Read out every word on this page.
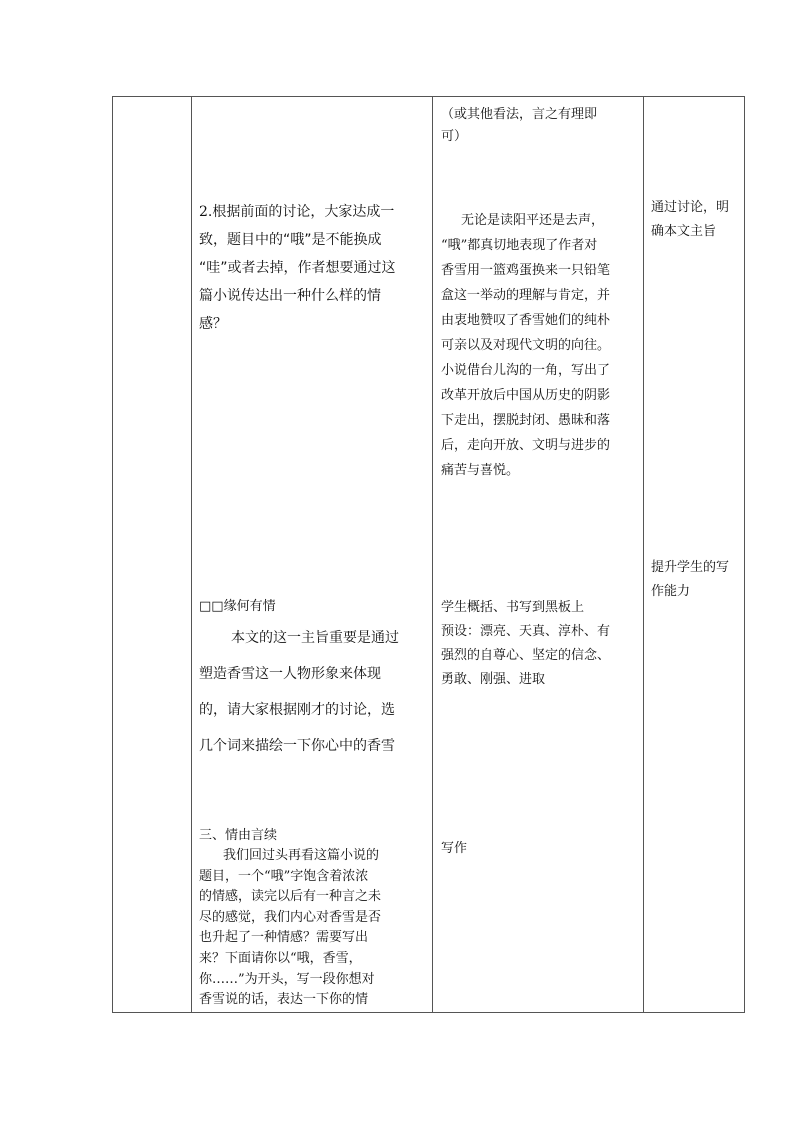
（或其他看法，言之有理即
可）
2.根据前面的讨论，大家达成一
致，题目中的“哦”是不能换成
“哇”或者去掉，作者想要通过这
篇小说传达出一种什么样的情
感？
无论是读阳平还是去声，
“哦”都真切地表现了作者对
香雪用一篮鸡蛋换来一只铅笔
盒这一举动的理解与肯定，并
由衷地赞叹了香雪她们的纯朴
可亲以及对现代文明的向往。
小说借台儿沟的一角，写出了
改革开放后中国从历史的阴影
下走出，摆脱封闭、愚昧和落
后，走向开放、文明与进步的
痛苦与喜悦。
通过讨论，明
确本文主旨
提升学生的写
作能力
□□缘何有情
本文的这一主旨重要是通过
塑造香雪这一人物形象来体现
的，请大家根据刚才的讨论，选
几个词来描绘一下你心中的香雪
学生概括、书写到黑板上
预设：漂亮、天真、淳朴、有
强烈的自尊心、坚定的信念、
勇敢、刚强、进取
三、情由言续
我们回过头再看这篇小说的
题目，一个“哦”字饱含着浓浓
的情感，读完以后有一种言之未
尽的感觉，我们内心对香雪是否
也升起了一种情感？需要写出
来？下面请你以“哦，香雪，
你……”为开头，写一段你想对
香雪说的话，表达一下你的情
写作
